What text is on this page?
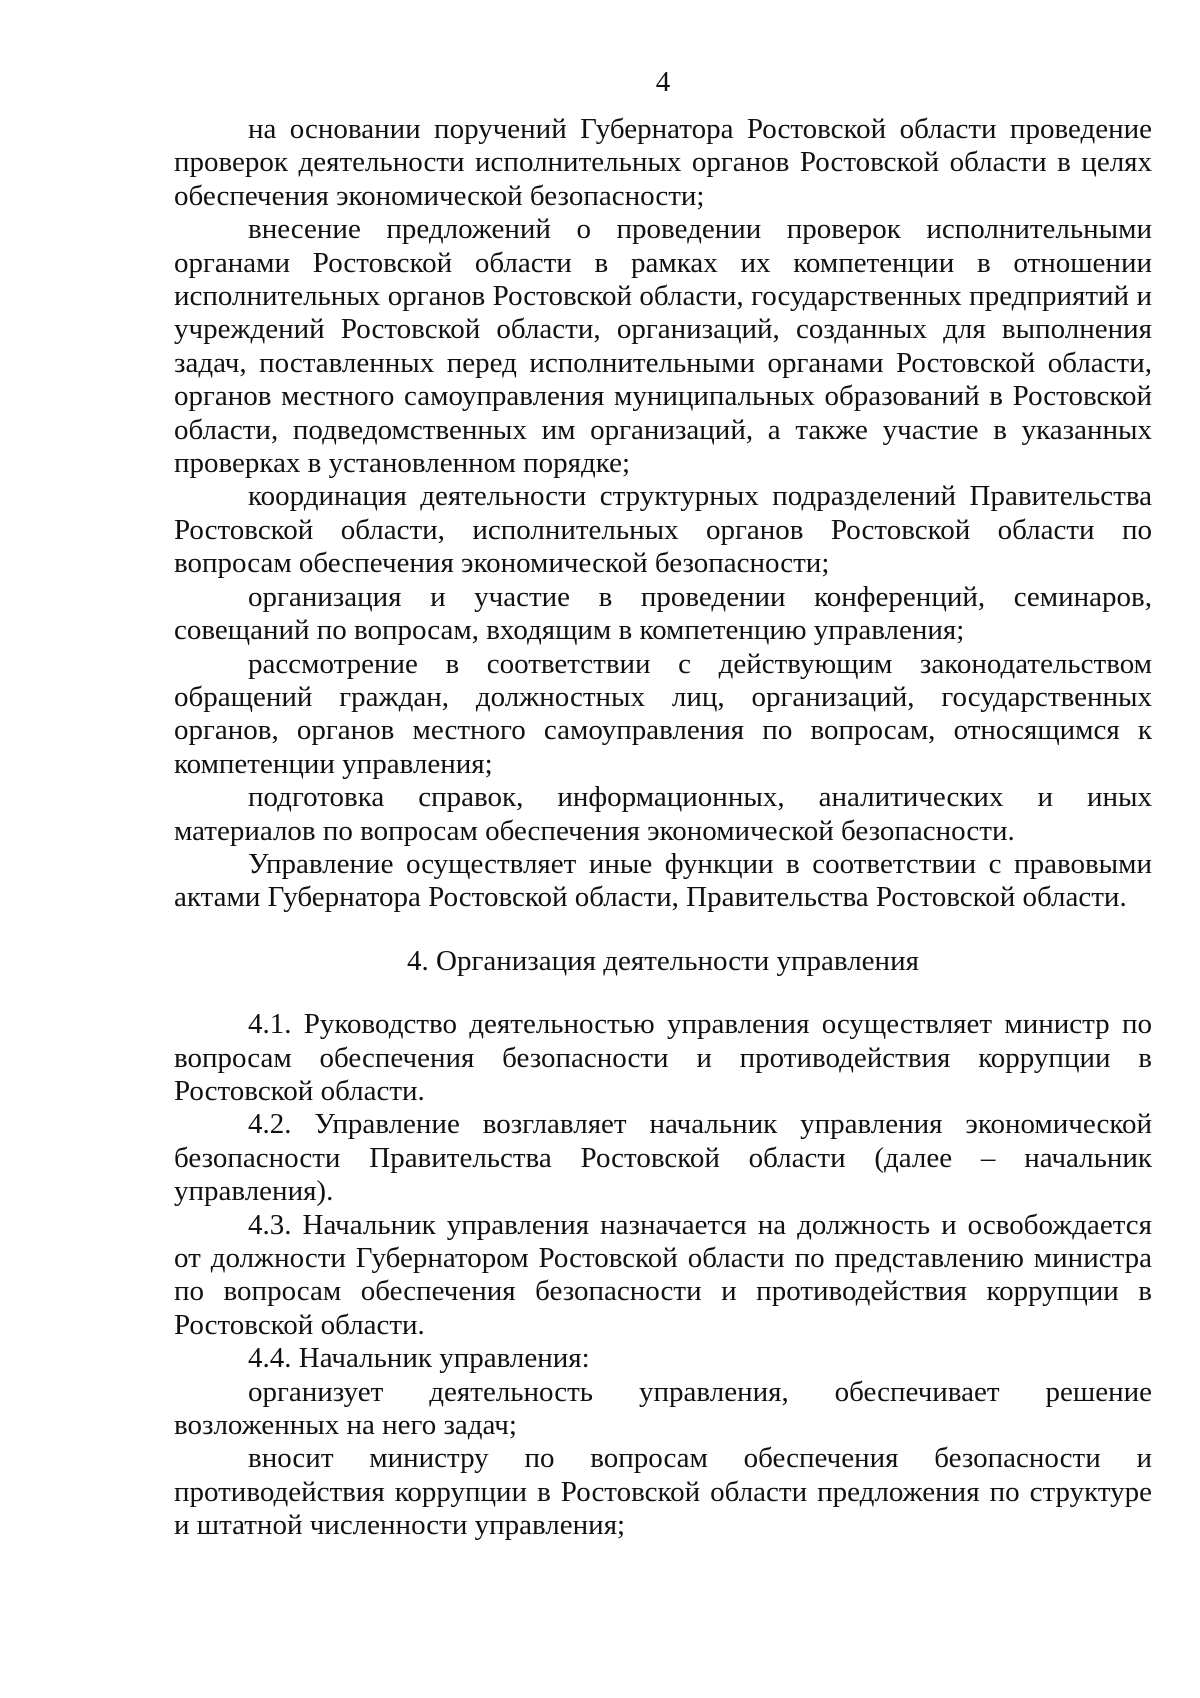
4

на основании поручений Губернатора Ростовской области проведение проверок деятельности исполнительных органов Ростовской области в целях обеспечения экономической безопасности;

внесение предложений о проведении проверок исполнительными органами Ростовской области в рамках их компетенции в отношении исполнительных органов Ростовской области, государственных предприятий и учреждений Ростовской области, организаций, созданных для выполнения задач, поставленных перед исполнительными органами Ростовской области, органов местного самоуправления муниципальных образований в Ростовской области, подведомственных им организаций, а также участие в указанных проверках в установленном порядке;

координация деятельности структурных подразделений Правительства Ростовской области, исполнительных органов Ростовской области по вопросам обеспечения экономической безопасности;

организация и участие в проведении конференций, семинаров, совещаний по вопросам, входящим в компетенцию управления;

рассмотрение в соответствии с действующим законодательством обращений граждан, должностных лиц, организаций, государственных органов, органов местного самоуправления по вопросам, относящимся к компетенции управления;

подготовка справок, информационных, аналитических и иных материалов по вопросам обеспечения экономической безопасности.

Управление осуществляет иные функции в соответствии с правовыми актами Губернатора Ростовской области, Правительства Ростовской области.

4. Организация деятельности управления

4.1. Руководство деятельностью управления осуществляет министр по вопросам обеспечения безопасности и противодействия коррупции в Ростовской области.

4.2. Управление возглавляет начальник управления экономической безопасности Правительства Ростовской области (далее – начальник управления).

4.3. Начальник управления назначается на должность и освобождается от должности Губернатором Ростовской области по представлению министра по вопросам обеспечения безопасности и противодействия коррупции в Ростовской области.

4.4. Начальник управления:

организует деятельность управления, обеспечивает решение возложенных на него задач;

вносит министру по вопросам обеспечения безопасности и противодействия коррупции в Ростовской области предложения по структуре и штатной численности управления;
